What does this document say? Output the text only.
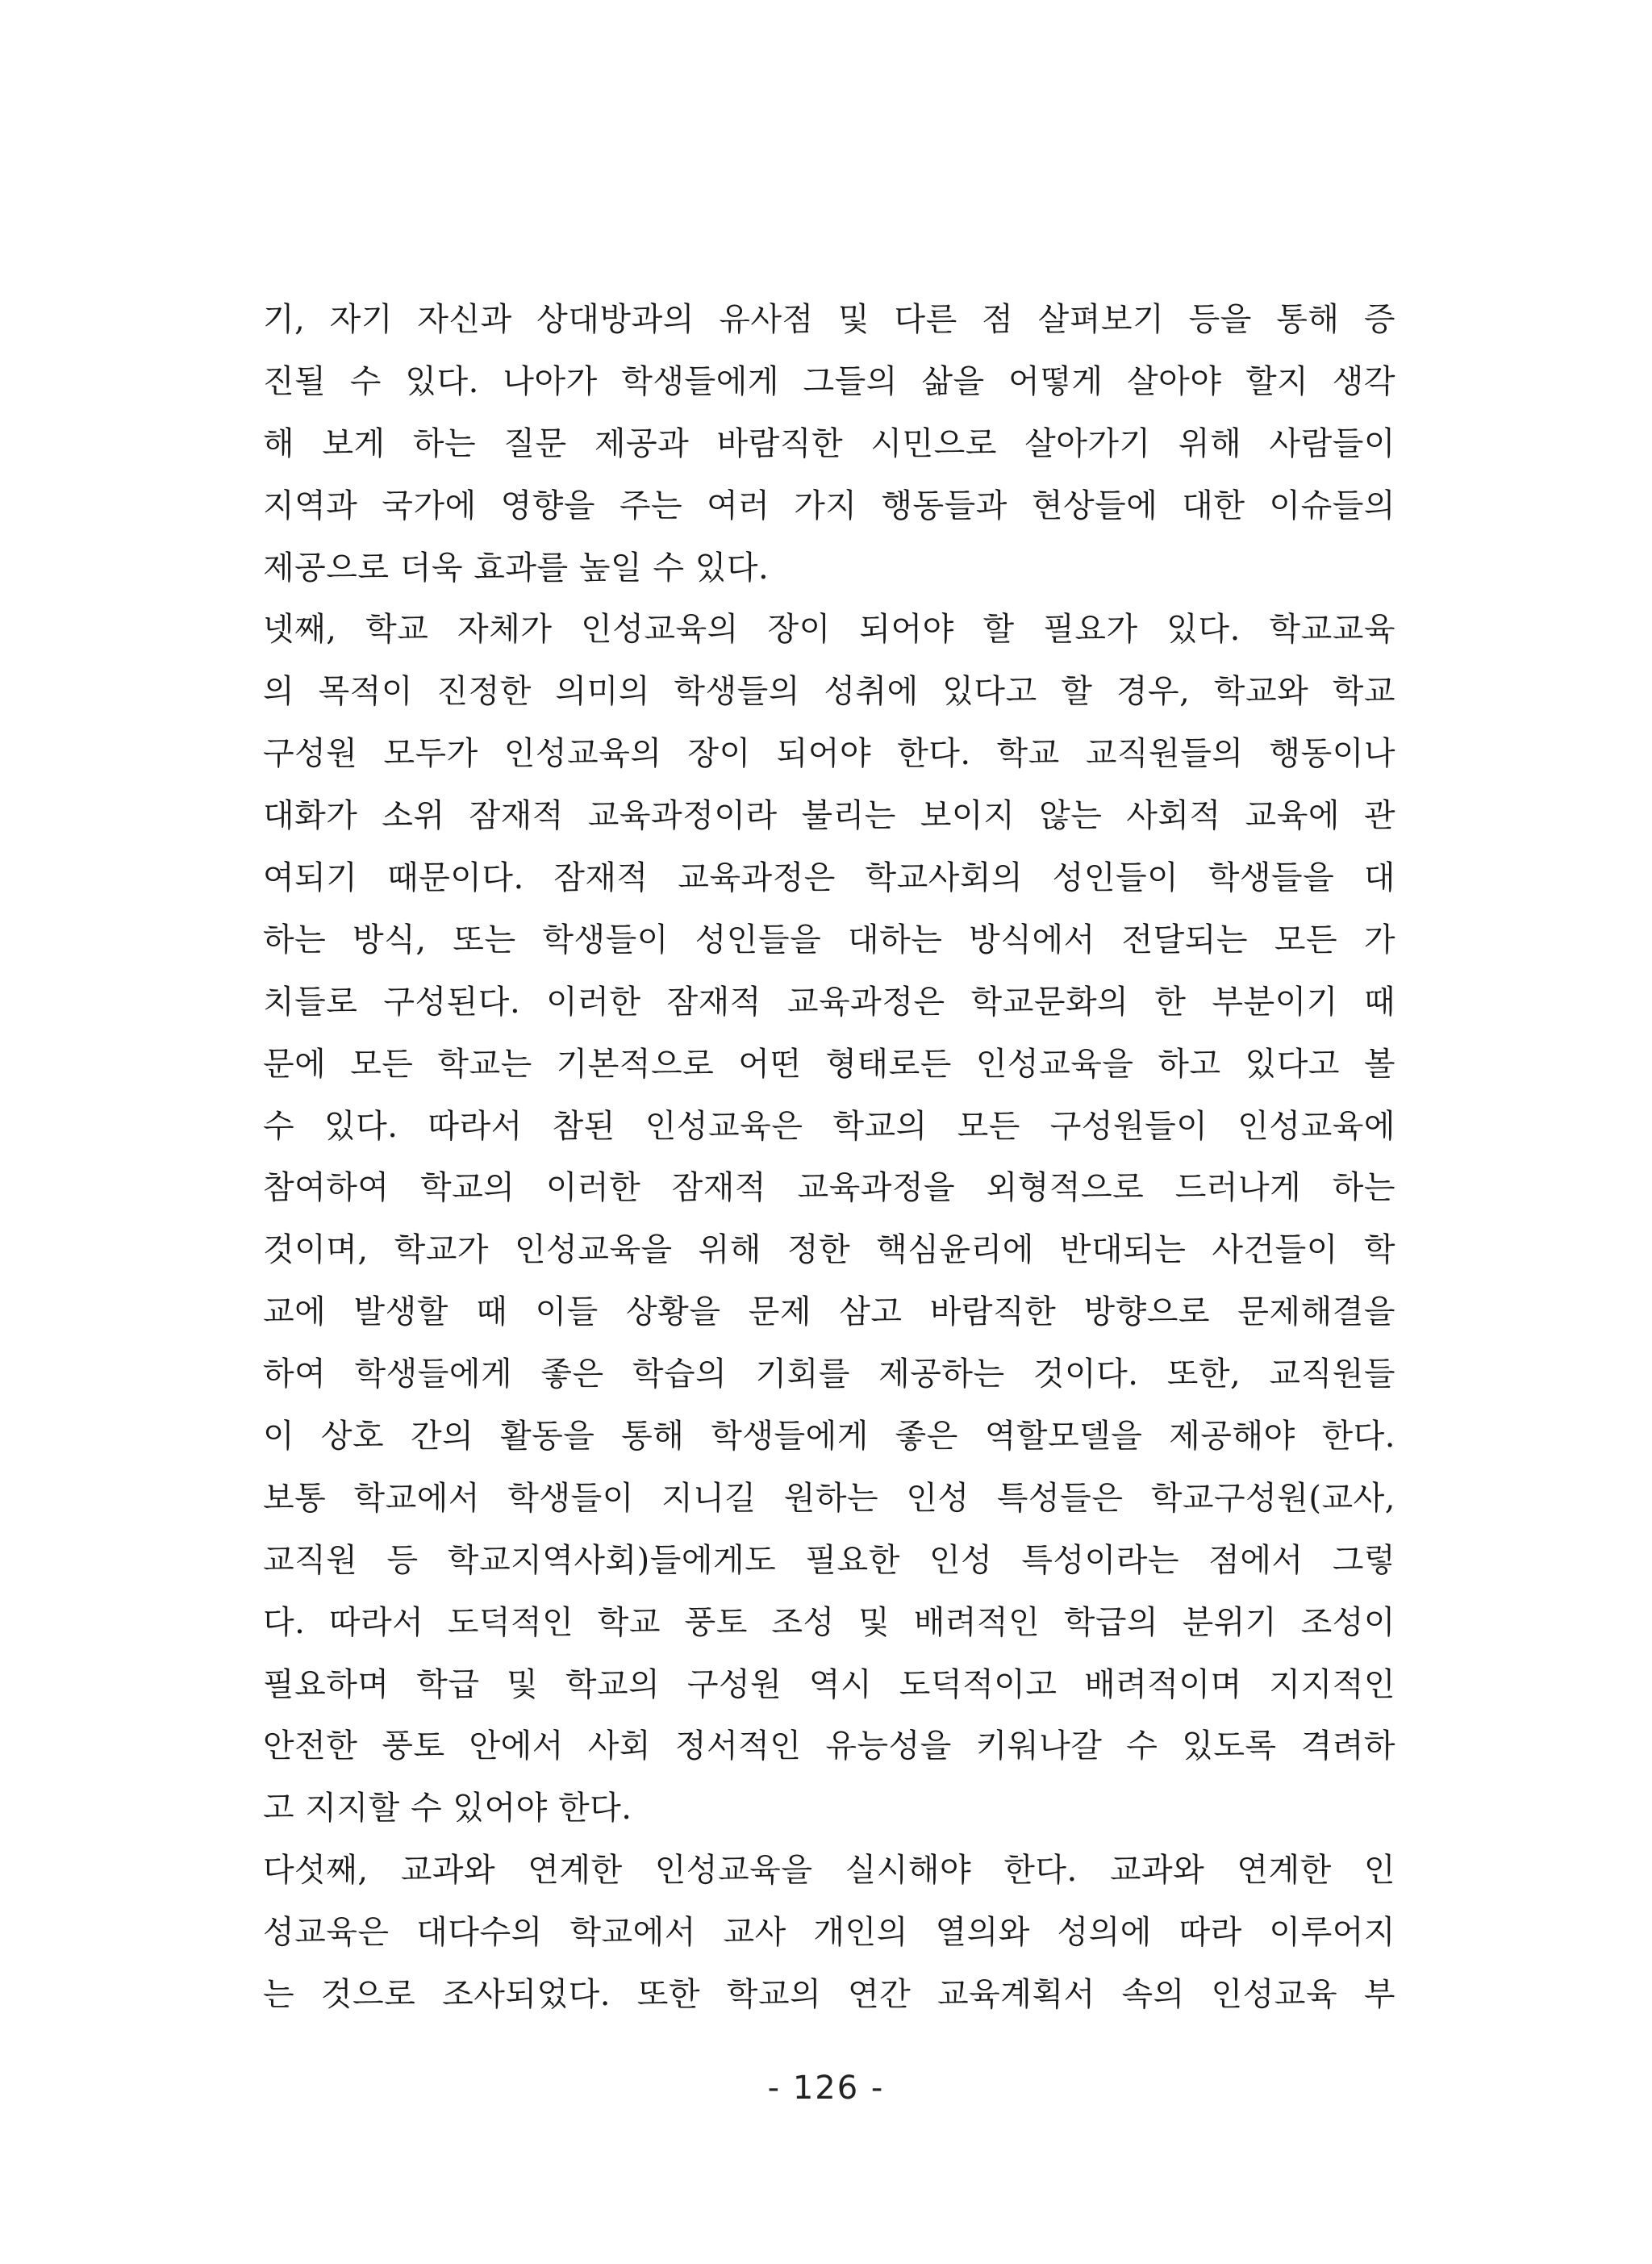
기, 자기 자신과 상대방과의 유사점 및 다른 점 살펴보기 등을 통해 증
진될 수 있다. 나아가 학생들에게 그들의 삶을 어떻게 살아야 할지 생각
해 보게 하는 질문 제공과 바람직한 시민으로 살아가기 위해 사람들이
지역과 국가에 영향을 주는 여러 가지 행동들과 현상들에 대한 이슈들의
제공으로 더욱 효과를 높일 수 있다.
넷째, 학교 자체가 인성교육의 장이 되어야 할 필요가 있다. 학교교육
의 목적이 진정한 의미의 학생들의 성취에 있다고 할 경우, 학교와 학교
구성원 모두가 인성교육의 장이 되어야 한다. 학교 교직원들의 행동이나
대화가 소위 잠재적 교육과정이라 불리는 보이지 않는 사회적 교육에 관
여되기 때문이다. 잠재적 교육과정은 학교사회의 성인들이 학생들을 대
하는 방식, 또는 학생들이 성인들을 대하는 방식에서 전달되는 모든 가
치들로 구성된다. 이러한 잠재적 교육과정은 학교문화의 한 부분이기 때
문에 모든 학교는 기본적으로 어떤 형태로든 인성교육을 하고 있다고 볼
수 있다. 따라서 참된 인성교육은 학교의 모든 구성원들이 인성교육에
참여하여 학교의 이러한 잠재적 교육과정을 외형적으로 드러나게 하는
것이며, 학교가 인성교육을 위해 정한 핵심윤리에 반대되는 사건들이 학
교에 발생할 때 이들 상황을 문제 삼고 바람직한 방향으로 문제해결을
하여 학생들에게 좋은 학습의 기회를 제공하는 것이다. 또한, 교직원들
이 상호 간의 활동을 통해 학생들에게 좋은 역할모델을 제공해야 한다.
보통 학교에서 학생들이 지니길 원하는 인성 특성들은 학교구성원(교사,
교직원 등 학교지역사회)들에게도 필요한 인성 특성이라는 점에서 그렇
다. 따라서 도덕적인 학교 풍토 조성 및 배려적인 학급의 분위기 조성이
필요하며 학급 및 학교의 구성원 역시 도덕적이고 배려적이며 지지적인
안전한 풍토 안에서 사회 정서적인 유능성을 키워나갈 수 있도록 격려하
고 지지할 수 있어야 한다.
다섯째, 교과와 연계한 인성교육을 실시해야 한다. 교과와 연계한 인
성교육은 대다수의 학교에서 교사 개인의 열의와 성의에 따라 이루어지
는 것으로 조사되었다. 또한 학교의 연간 교육계획서 속의 인성교육 부
- 126 -
